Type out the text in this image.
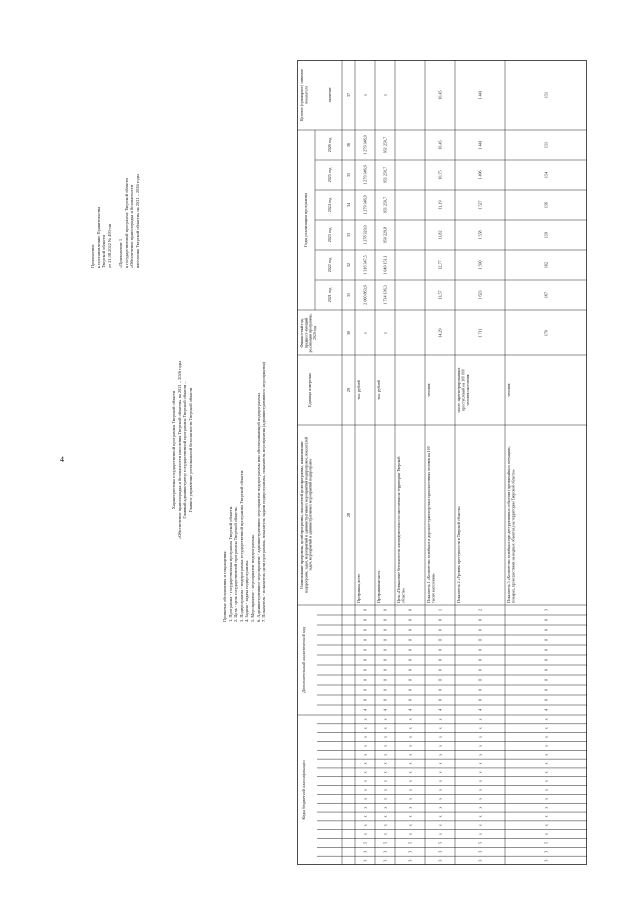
4
Приложение к постановлению Правительства Тверской области от 21.08.2022 № 493-пп
«Приложение 1 к государственной программе Тверской области «Обеспечение правопорядка и безопасности населения Тверской области» на 2021 – 2026 годы
Характеристика государственной программы Тверской области «Обеспечение правопорядка и безопасности населения Тверской области» на 2021 – 2026 годы Главный администратор государственной программы Тверской области – Главное управление региональной безопасности Тверской области
Принятые обозначения и сокращения: 1. Программа - государственная программа Тверской области. 2. Цель - цель государственной программы Тверской области. 3. Подпрограмма - подпрограмма государственной программы Тверской области. 4. Задача - задача подпрограммы. 5. Мероприятие - мероприятие подпрограммы. 6. Административное мероприятие - административное мероприятие подпрограммы или обеспечивающей подпрограммы 7. Показатель - показатель цели программы, показатель задачи подпрограммы, показатель мероприятия (административного мероприятия)
Коды бюджетной классификации
Дополнительный аналитический код
Наименование программы, целей программы, показателей цели программы, наименование подпрограмм, задач, мероприятий и административных мероприятий подпрограмм, показателей задач, мероприятий и административных мероприятий подпрограмм
Единица измерения
Финансо-вый год, предшест-вующий реализации программы, 2020 год
Годы реализации программы
2021 год
2022 год
2023 год
2024 год
2025 год
2026 год
Целевое (суммарное) значение показателя	значение
28
29
30
31
32
33
34
35
36
37
3
3
5
x
x
x
x
x
x
x
x
x
x
x
x
x
x
4
0
0
0
0
0
0
0
0
0
0
3
3
5
x
x
x
x
x
x
x
x
x
x
x
x
x
x
4
0
0
0
0
0
0
0
0
0
0
3
3
5
x
x
x
x
x
x
x
x
x
x
x
x
x
x
4
0
0
0
0
0
0
0
0
0
0
3
3
5
x
x
x
x
x
x
x
x
x
x
x
x
x
x
4
0
0
0
0
0
0
0
0
0
1
3
3
5
x
x
x
x
x
x
x
x
x
x
x
x
x
x
4
0
0
0
0
0
0
0
0
0
2
3
3
5
x
x
x
x
x
x
x
x
x
x
x
x
x
x
4
0
0
0
0
0
0
0
0
0
3
Программа, всего
тыс. рублей
x
2 060 863,9
1 316 347,5
1 278 320,0
1 279 346,9
1 279 346,9
1 279 346,9
x
Программная часть
тыс. рублей
x
1 734 136,3
1 049 151,1
950 229,8
951 250,7
951 250,7
951 250,7
x
Цель «Повышение безопасности жизнедеятельности населения на территории Тверской области»	Показатель 1 «Количество погибших в дорожно-транспортных происшествиях человек на 100 тысяч населения»
человек
14,29
13,57
12,77
11,82
11,19
10,75
10,45
10,45
Показатель 2 «Уровень преступности в Тверской области»
число зарегистрированных преступлений на 100 000 человек населения
1 711
1 623
1 590
1 558
1 527
1 496
1 441
1 441
Показатель 3 «Количество погибших при деструктивных событиях (чрезвычайных ситуациях, пожарах, происшествиях на водных объектах) на территории Тверской области»
человек
170
167
162
159
156
154
151
151
